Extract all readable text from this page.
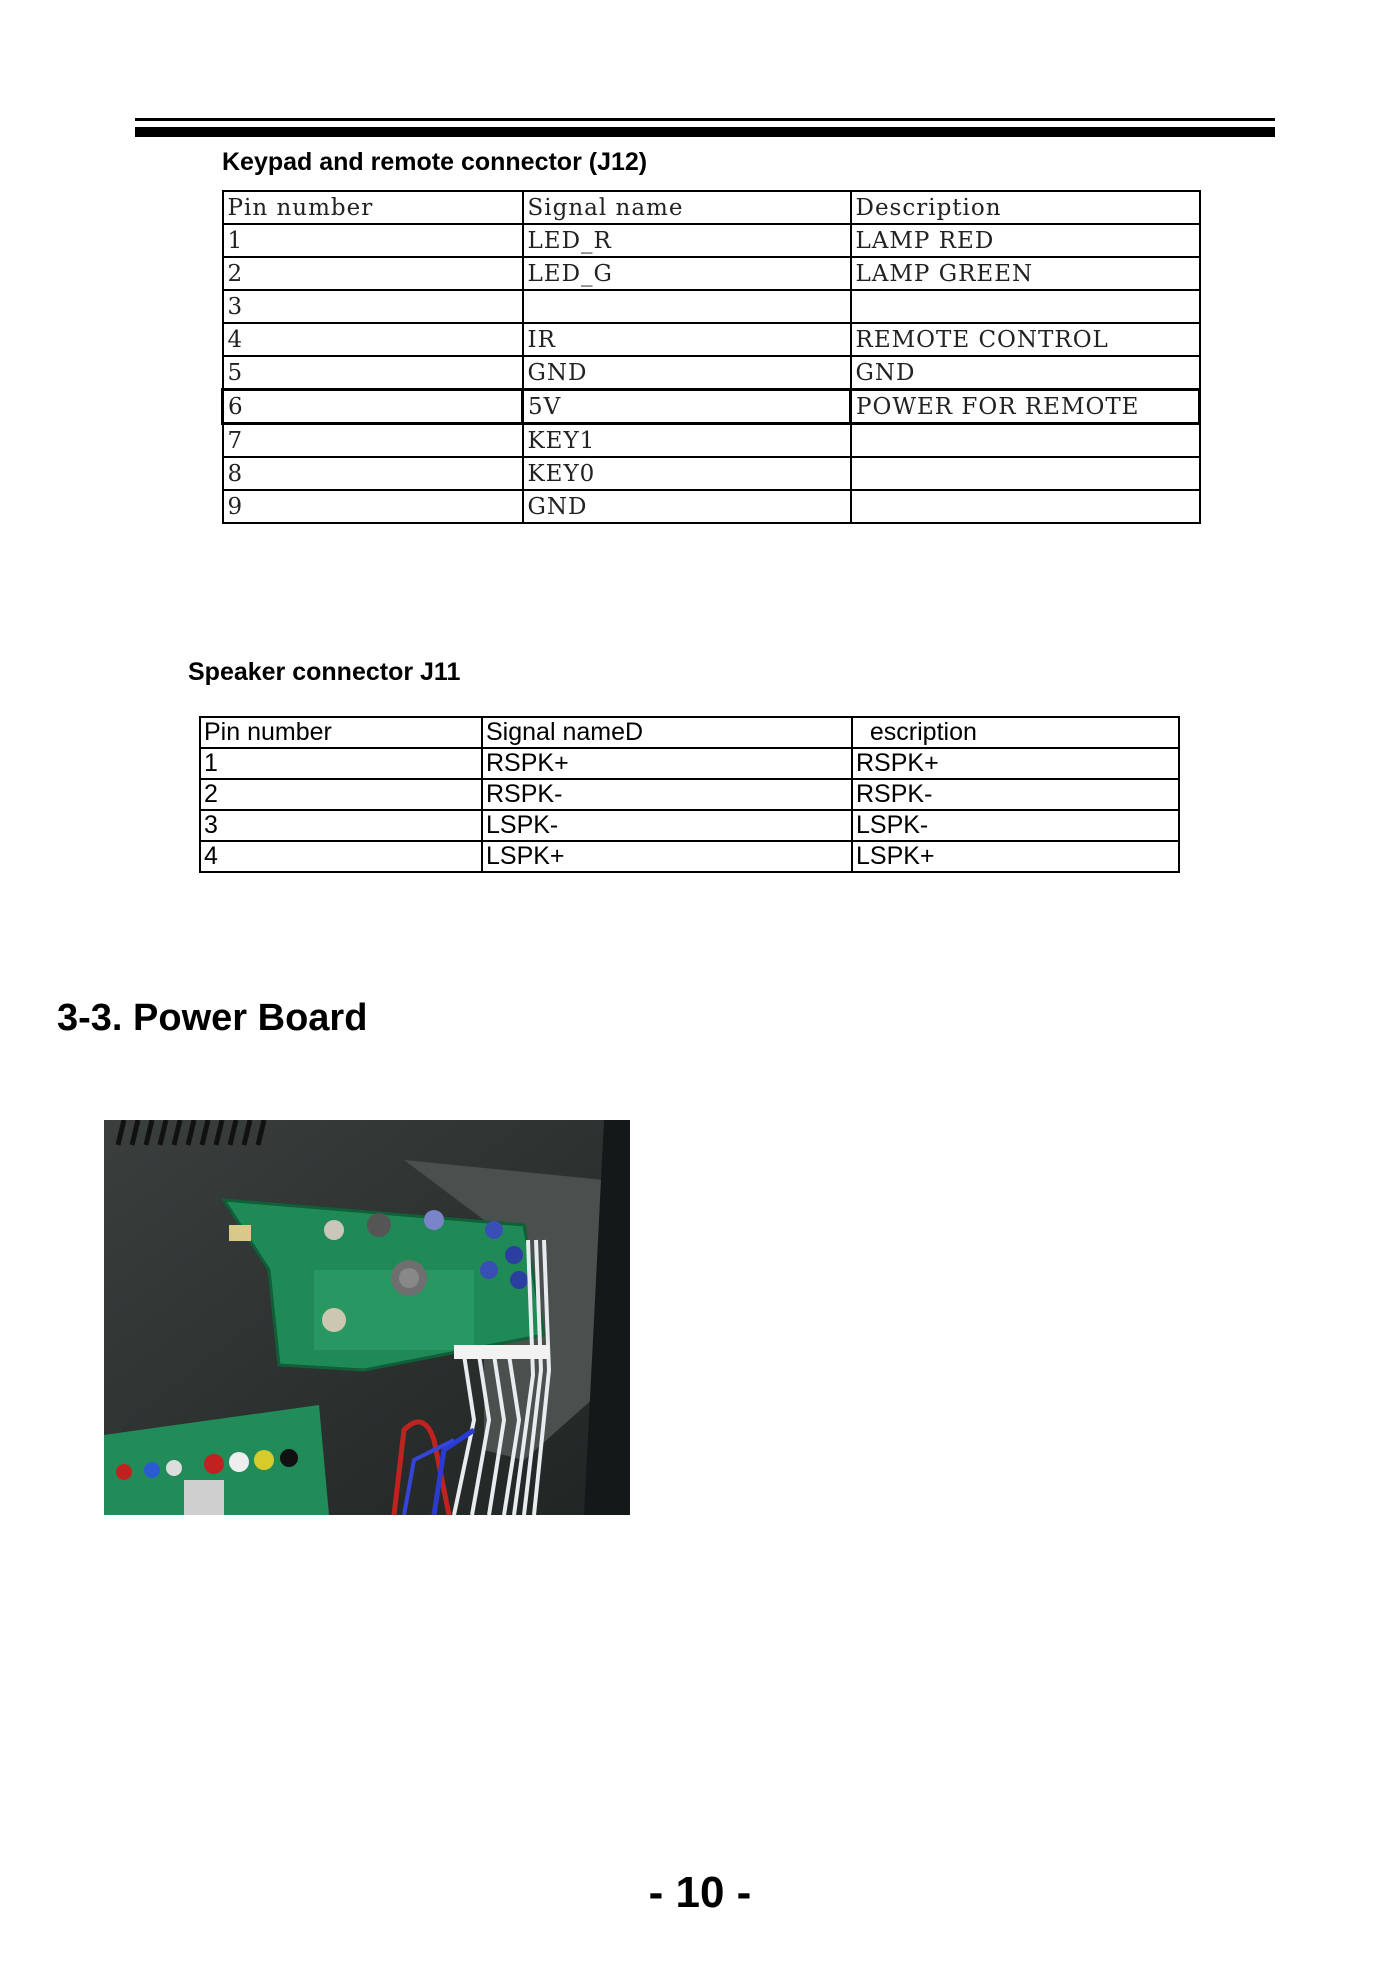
Keypad and remote connector (J12)
Pin number	Signal name	Description
1	LED_R	LAMP RED
2	LED_G	LAMP GREEN
3		
4	IR	REMOTE CONTROL
5	GND	GND
6	5V	POWER FOR REMOTE
7	KEY1	
8	KEY0	
9	GND	
Speaker connector J11
Pin number	Signal nameD	escription
1	RSPK+	RSPK+
2	RSPK-	RSPK-
3	LSPK-	LSPK-
4	LSPK+	LSPK+
3-3. Power Board
- 10 -
